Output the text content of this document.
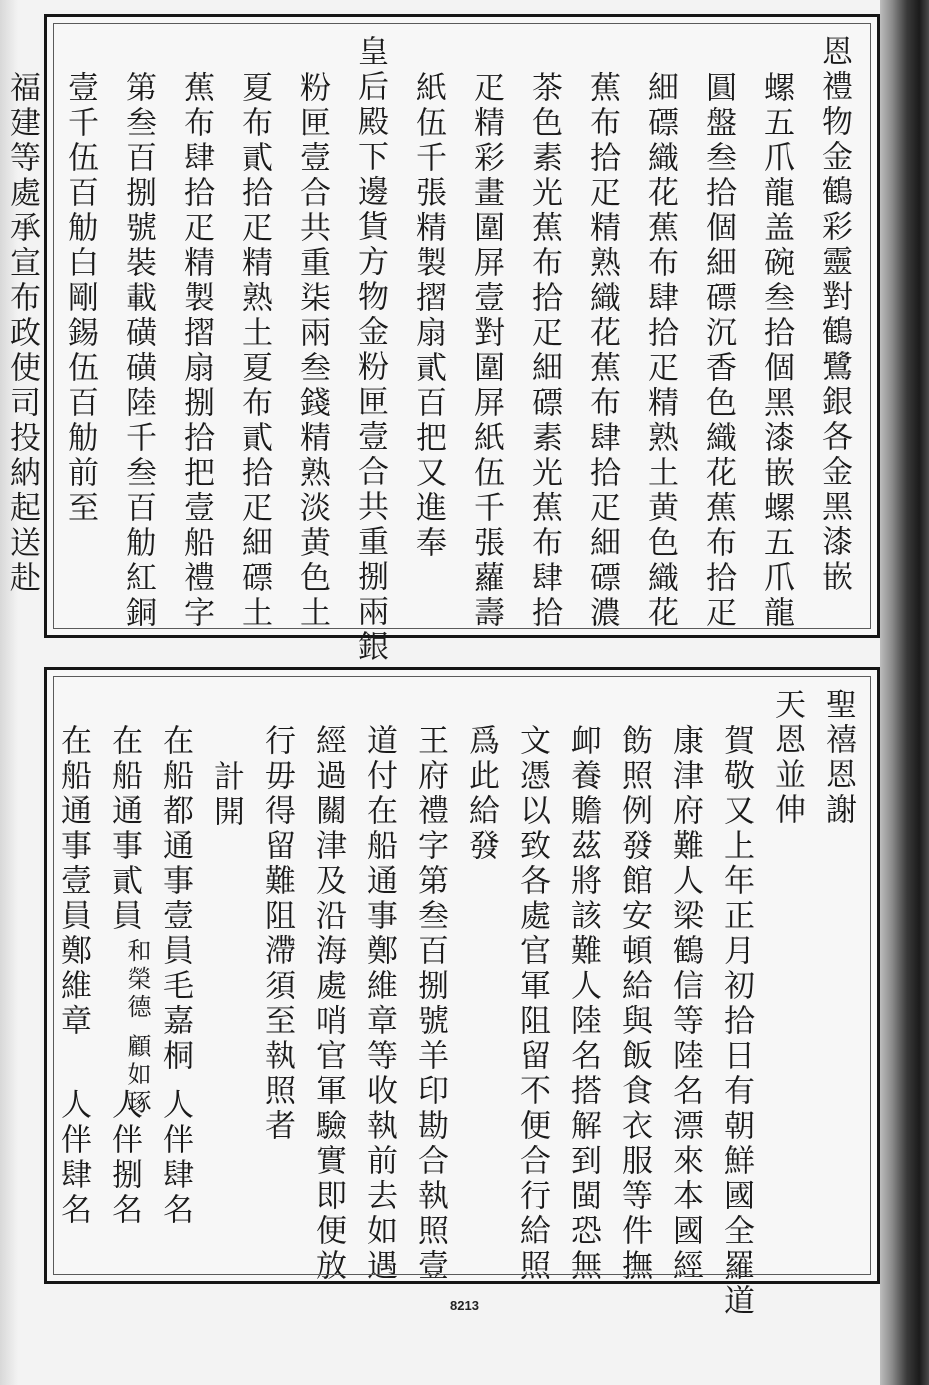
恩禮物金鶴彩靈對鶴鷺銀各金黑漆嵌
螺五爪龍盖碗叁拾個黑漆嵌螺五爪龍
圓盤叁拾個細磦沉香色織花蕉布拾疋
細磦織花蕉布肆拾疋精熟土黄色織花
蕉布拾疋精熟織花蕉布肆拾疋細磦濃
茶色素光蕉布拾疋細磦素光蕉布肆拾
疋精彩畫圍屏壹對圍屏紙伍千張蘿壽
紙伍千張精製摺扇貳百把又進奉
皇后殿下邊貨方物金粉匣壹合共重捌兩銀
粉匣壹合共重柒兩叁錢精熟淡黄色土
夏布貳拾疋精熟土夏布貳拾疋細磦土
蕉布肆拾疋精製摺扇捌拾把壹船禮字
第叁百捌號裝載磺磺陸千叁百觔紅銅
壹千伍百觔白剛錫伍百觔前至
福建等處承宣布政使司投納起送赴
聖禧恩謝
天恩並伸
賀敬又上年正月初拾日有朝鮮國全羅道
康津府難人梁鶴信等陸名漂來本國經
飭照例發館安頓給與飯食衣服等件撫
卹養贍茲將該難人陸名搭解到閩恐無
文憑以致各處官軍阻留不便合行給照
爲此給發
王府禮字第叁百捌號羊印勘合執照壹
道付在船通事鄭維章等收執前去如遇
經過關津及沿海處哨官軍驗實即便放
行毋得留難阻滯須至執照者
計開
在船都通事壹員毛嘉桐
人伴肆名
在船通事貳員
和榮德 顧如琢
人伴捌名
在船通事壹員鄭維章
人伴肆名
8213
